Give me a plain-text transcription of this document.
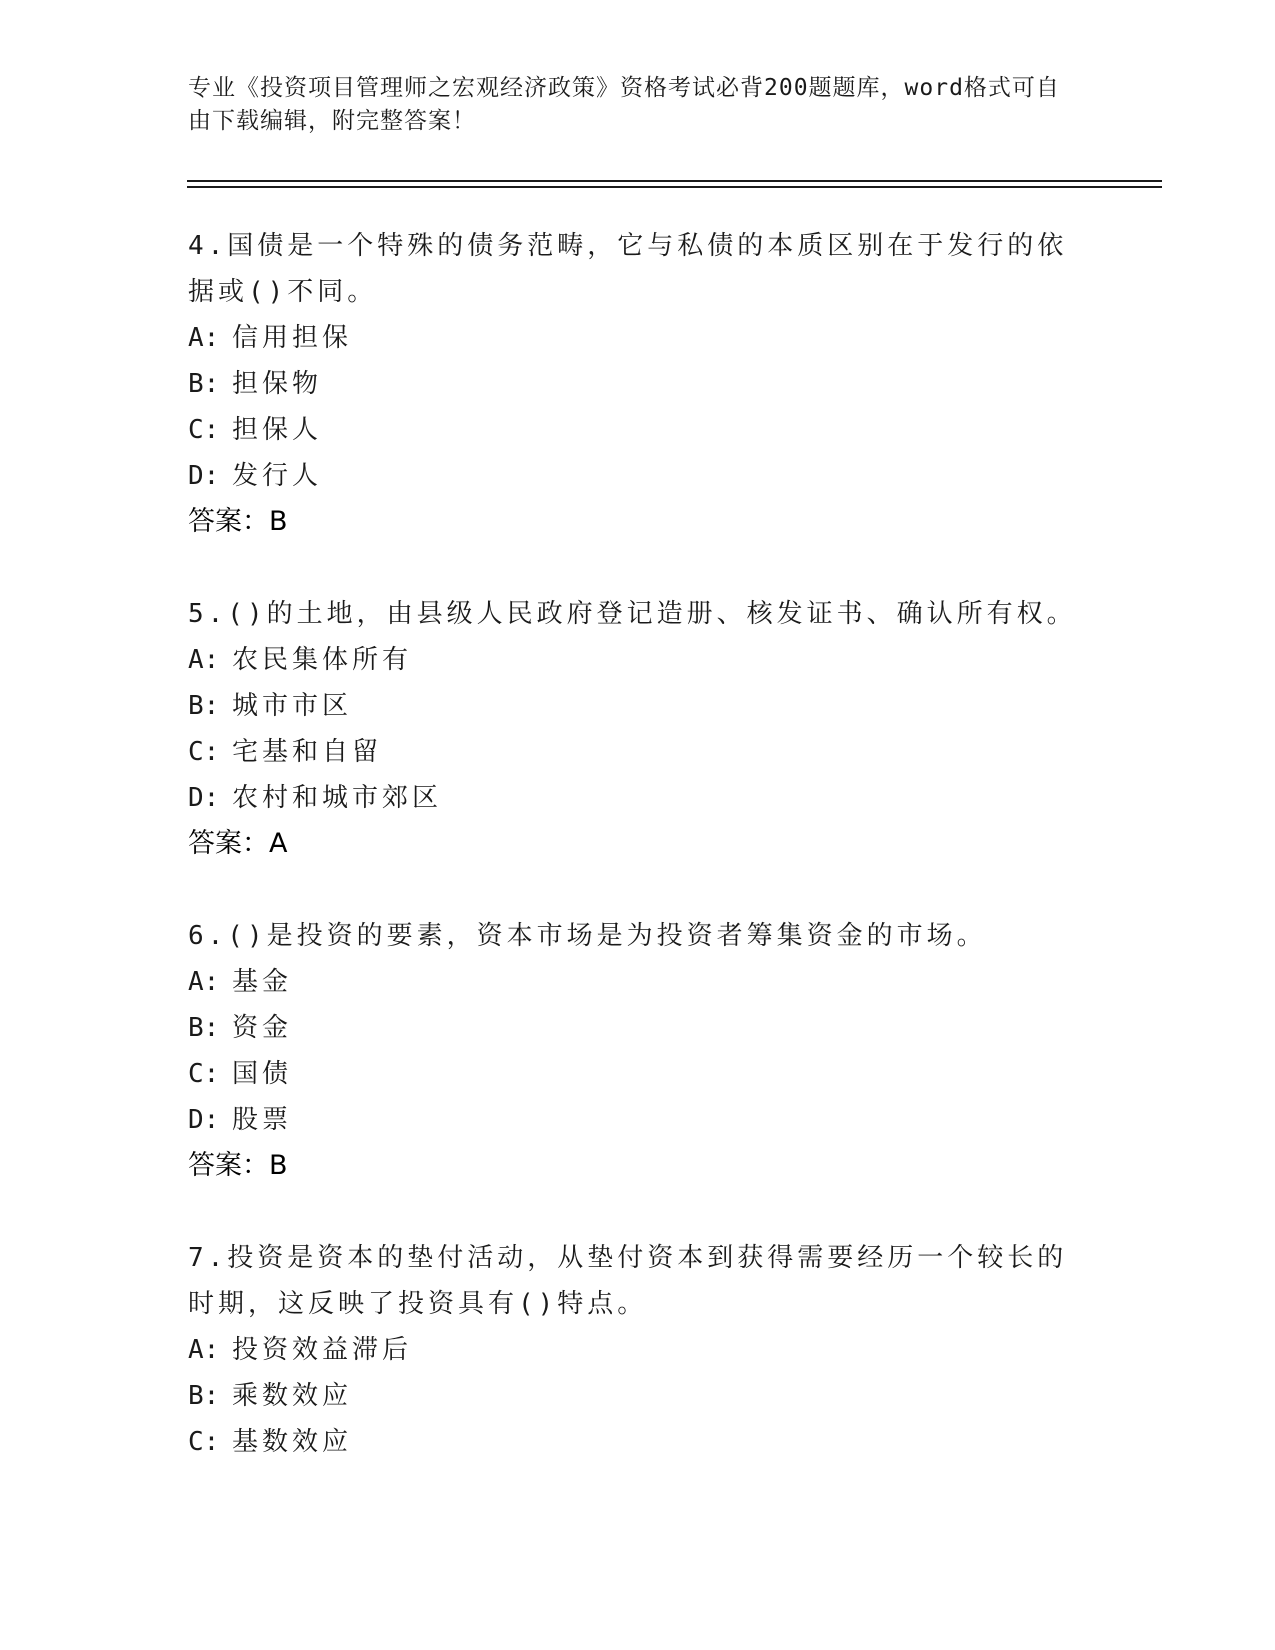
专业《投资项目管理师之宏观经济政策》资格考试必背200题题库，word格式可自由下载编辑，附完整答案！
4.国债是一个特殊的债务范畴，它与私债的本质区别在于发行的依据或()不同。
A: 信用担保
B: 担保物
C: 担保人
D: 发行人
答案：B
5.()的土地，由县级人民政府登记造册、核发证书、确认所有权。
A: 农民集体所有
B: 城市市区
C: 宅基和自留
D: 农村和城市郊区
答案：A
6.()是投资的要素，资本市场是为投资者筹集资金的市场。
A: 基金
B: 资金
C: 国债
D: 股票
答案：B
7.投资是资本的垫付活动，从垫付资本到获得需要经历一个较长的时期，这反映了投资具有()特点。
A: 投资效益滞后
B: 乘数效应
C: 基数效应
